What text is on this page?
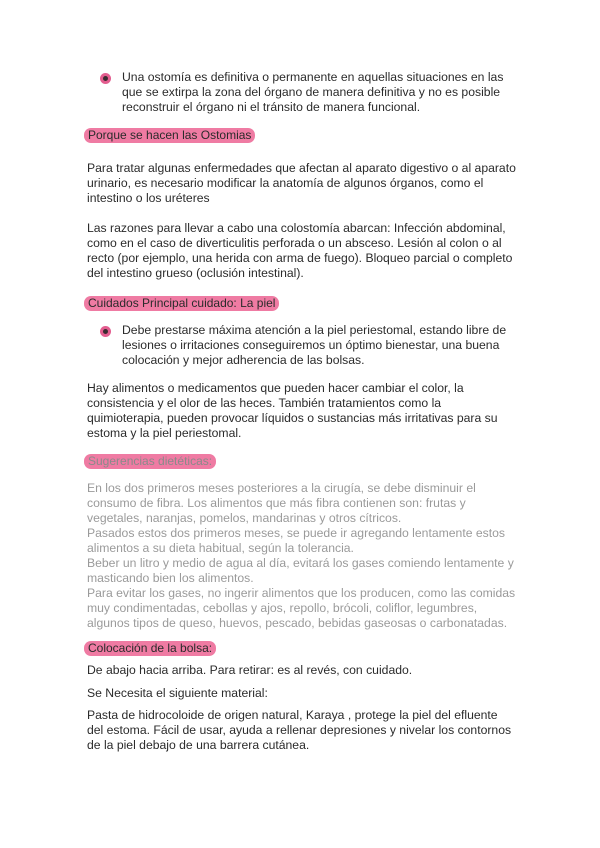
Una ostomía es definitiva o permanente en aquellas situaciones en las que se extirpa la zona del órgano de manera definitiva y no es posible reconstruir el órgano ni el tránsito de manera funcional.
Porque se hacen las Ostomias

Para tratar algunas enfermedades que afectan al aparato digestivo o al aparato urinario, es necesario modificar la anatomía de algunos órganos, como el intestino o los uréteres

Las razones para llevar a cabo una colostomía abarcan: Infección abdominal, como en el caso de diverticulitis perforada o un absceso. Lesión al colon o al recto (por ejemplo, una herida con arma de fuego). Bloqueo parcial o completo del intestino grueso (oclusión intestinal).

Cuidados Principal cuidado: La piel
Debe prestarse máxima atención a la piel periestomal, estando libre de lesiones o irritaciones conseguiremos un óptimo bienestar, una buena colocación y mejor adherencia de las bolsas.

Hay alimentos o medicamentos que pueden hacer cambiar el color, la consistencia y el olor de las heces. También tratamientos como la quimioterapia, pueden provocar líquidos o sustancias más irritativas para su estoma y la piel periestomal.

Sugerencias dietéticas:
En los dos primeros meses posteriores a la cirugía, se debe disminuir el consumo de fibra. Los alimentos que más fibra contienen son: frutas y vegetales, naranjas, pomelos, mandarinas y otros cítricos.
Pasados estos dos primeros meses, se puede ir agregando lentamente estos alimentos a su dieta habitual, según la tolerancia.
Beber un litro y medio de agua al día, evitará los gases comiendo lentamente y masticando bien los alimentos.
Para evitar los gases, no ingerir alimentos que los producen, como las comidas muy condimentadas, cebollas y ajos, repollo, brócoli, coliflor, legumbres, algunos tipos de queso, huevos, pescado, bebidas gaseosas o carbonatadas.
Colocación de la bolsa:

De abajo hacia arriba. Para retirar: es al revés, con cuidado.

Se Necesita el siguiente material:

Pasta de hidrocoloide de origen natural, Karaya , protege la piel del efluente del estoma. Fácil de usar, ayuda a rellenar depresiones y nivelar los contornos de la piel debajo de una barrera cutánea.
